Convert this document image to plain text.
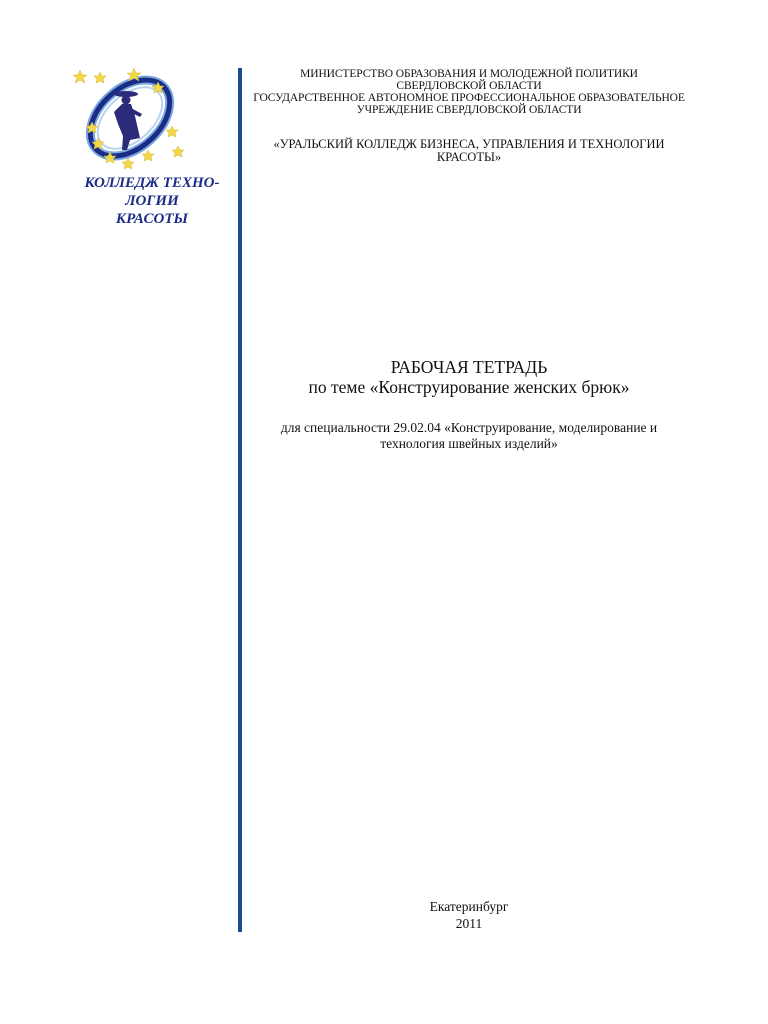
КОЛЛЕДЖ ТЕХНО-
ЛОГИИ
КРАСОТЫ
МИНИСТЕРСТВО ОБРАЗОВАНИЯ И МОЛОДЕЖНОЙ ПОЛИТИКИ
СВЕРДЛОВСКОЙ ОБЛАСТИ
ГОСУДАРСТВЕННОЕ АВТОНОМНОЕ ПРОФЕССИОНАЛЬНОЕ ОБРАЗОВАТЕЛЬНОЕ
УЧРЕЖДЕНИЕ СВЕРДЛОВСКОЙ ОБЛАСТИ
«УРАЛЬСКИЙ КОЛЛЕДЖ БИЗНЕСА, УПРАВЛЕНИЯ И ТЕХНОЛОГИИ
КРАСОТЫ»
РАБОЧАЯ ТЕТРАДЬ
по теме «Конструирование женских брюк»
для специальности 29.02.04 «Конструирование, моделирование и
технология швейных изделий»
Екатеринбург
2011
